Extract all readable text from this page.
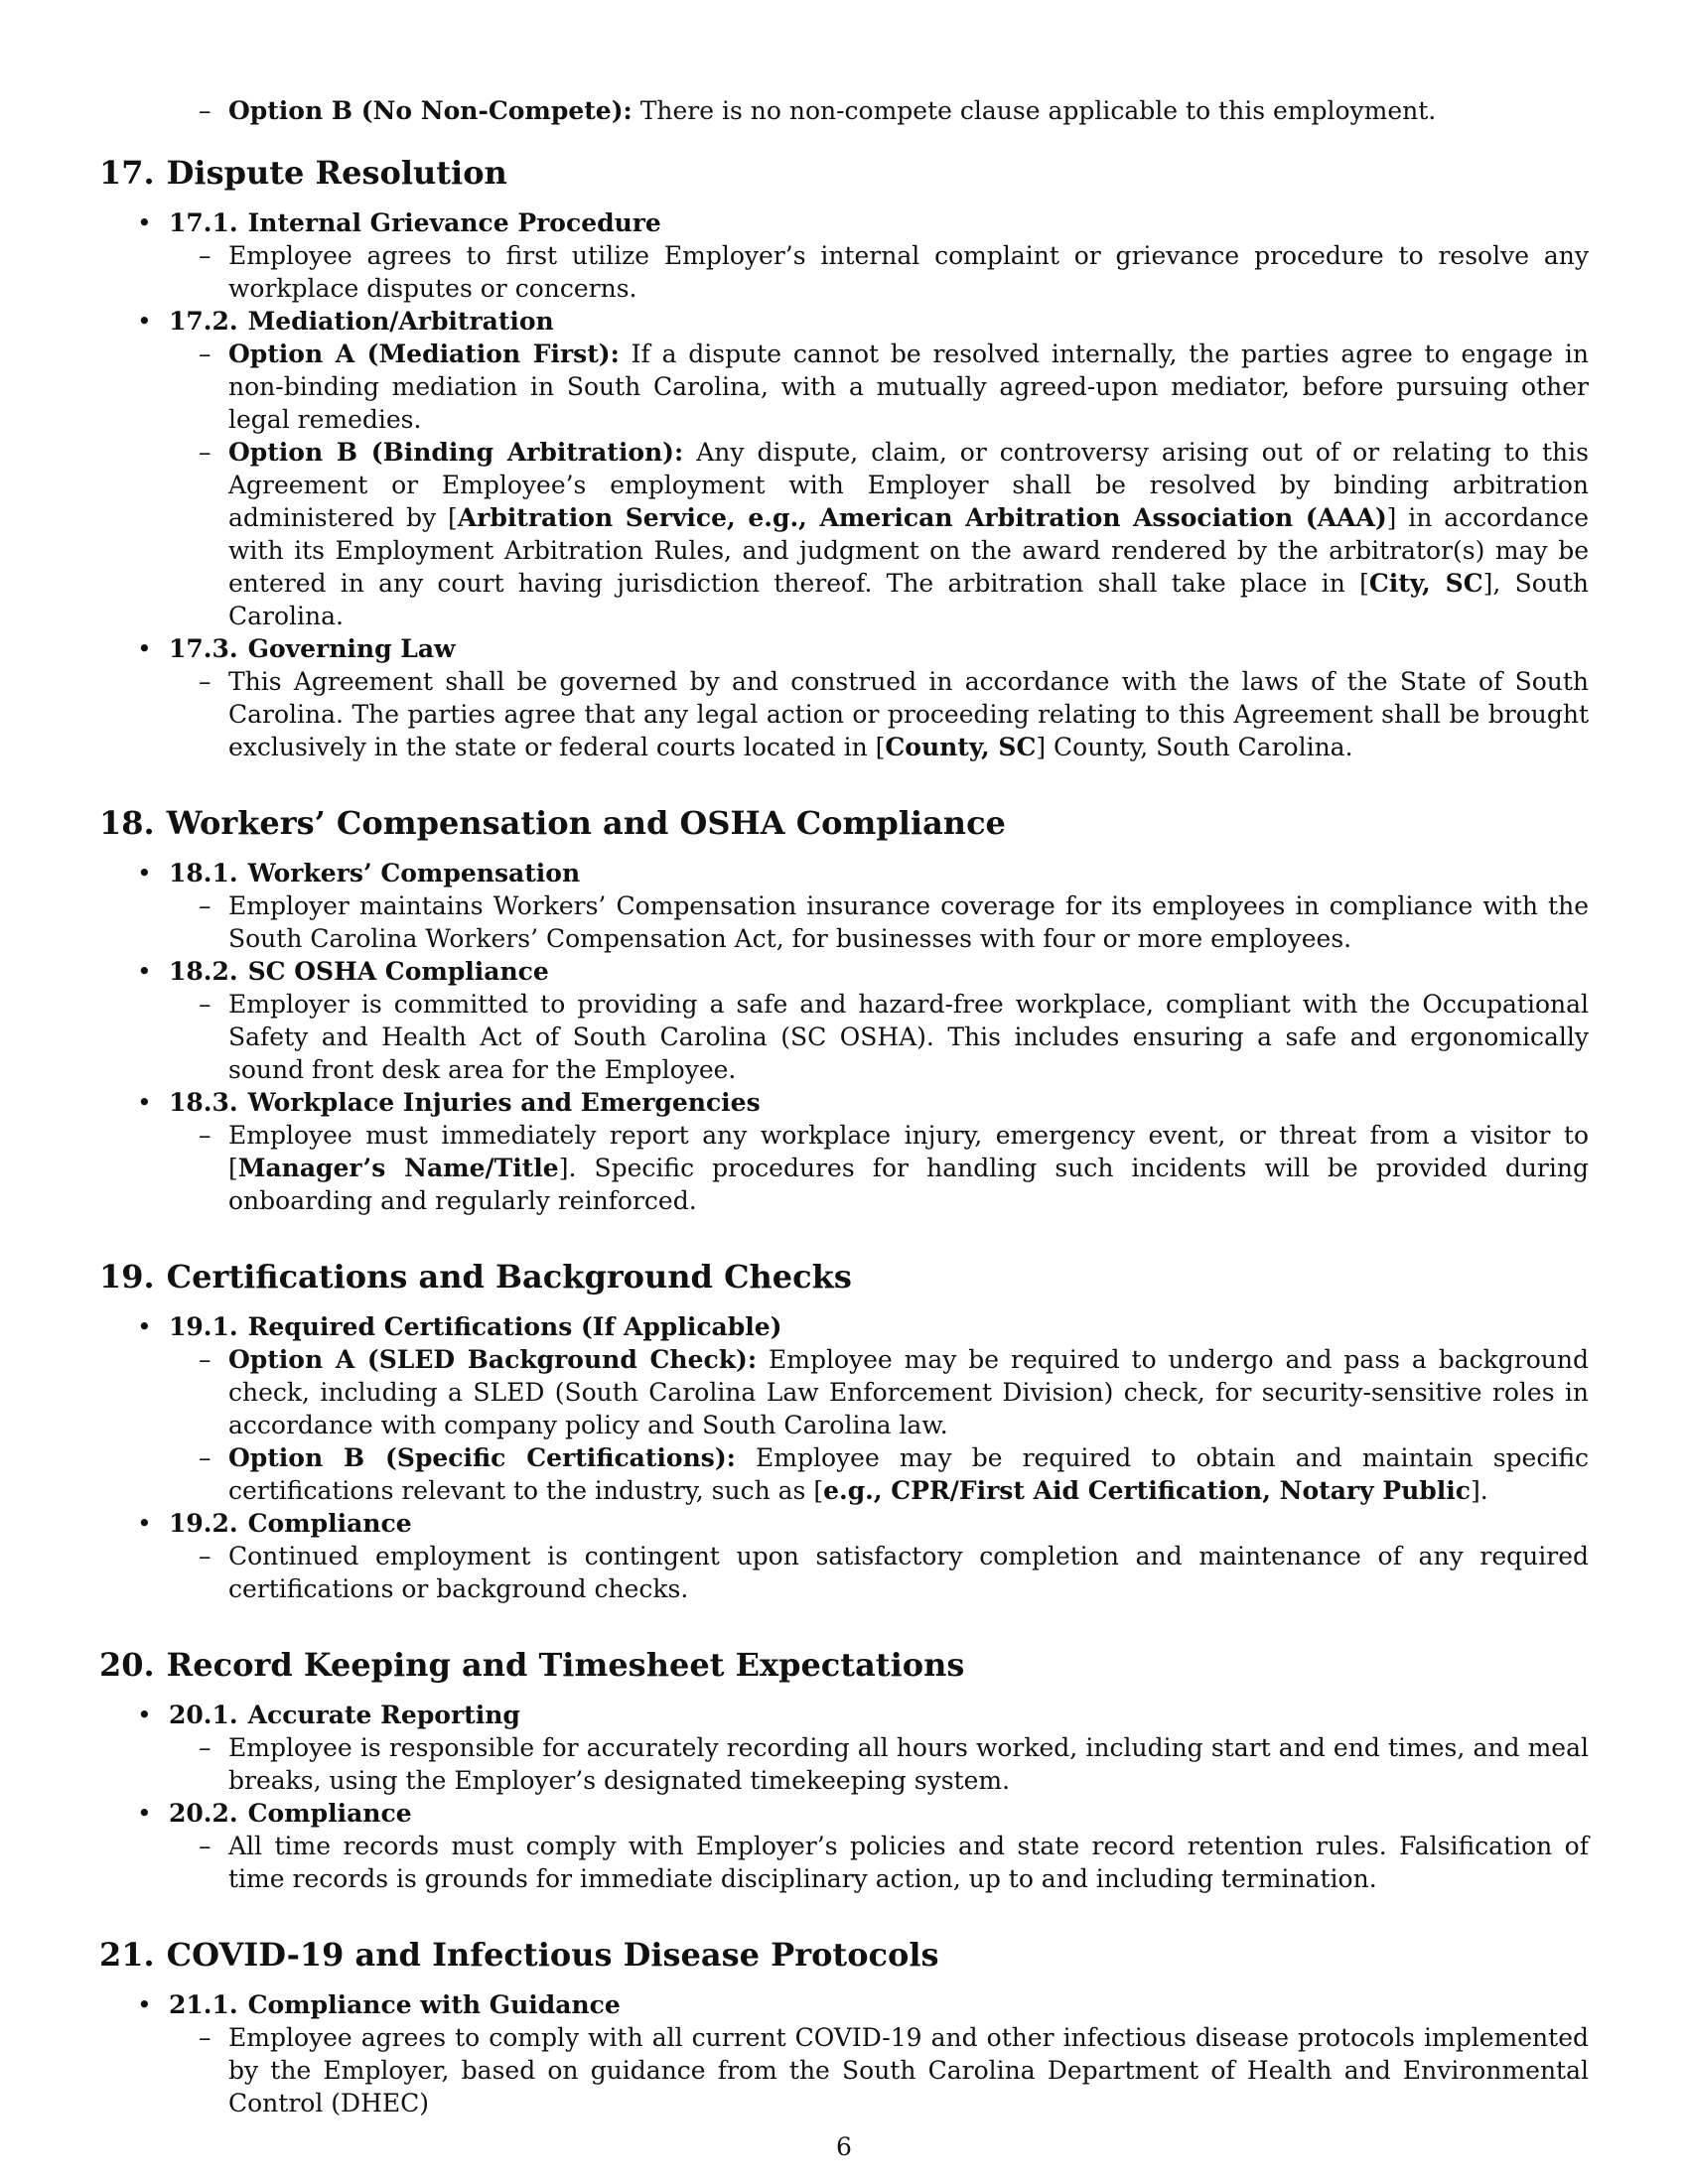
– Option B (No Non-Compete): There is no non-compete clause applicable to this employment.
17. Dispute Resolution
• 17.1. Internal Grievance Procedure
– Employee agrees to first utilize Employer’s internal complaint or grievance procedure to resolve any workplace disputes or concerns.
• 17.2. Mediation/Arbitration
– Option A (Mediation First): If a dispute cannot be resolved internally, the parties agree to engage in non-binding mediation in South Carolina, with a mutually agreed-upon mediator, before pursuing other legal remedies.
– Option B (Binding Arbitration): Any dispute, claim, or controversy arising out of or relating to this Agreement or Employee’s employment with Employer shall be resolved by binding arbitration administered by [Arbitration Service, e.g., American Arbitration Association (AAA)] in accordance with its Employment Arbitration Rules, and judgment on the award rendered by the arbitrator(s) may be entered in any court having jurisdiction thereof. The arbitration shall take place in [City, SC], South Carolina.
• 17.3. Governing Law
– This Agreement shall be governed by and construed in accordance with the laws of the State of South Carolina. The parties agree that any legal action or proceeding relating to this Agreement shall be brought exclusively in the state or federal courts located in [County, SC] County, South Carolina.
18. Workers’ Compensation and OSHA Compliance
• 18.1. Workers’ Compensation
– Employer maintains Workers’ Compensation insurance coverage for its employees in compliance with the South Carolina Workers’ Compensation Act, for businesses with four or more employees.
• 18.2. SC OSHA Compliance
– Employer is committed to providing a safe and hazard-free workplace, compliant with the Occupational Safety and Health Act of South Carolina (SC OSHA). This includes ensuring a safe and ergonomically sound front desk area for the Employee.
• 18.3. Workplace Injuries and Emergencies
– Employee must immediately report any workplace injury, emergency event, or threat from a visitor to [Manager’s Name/Title]. Specific procedures for handling such incidents will be provided during onboarding and regularly reinforced.
19. Certifications and Background Checks
• 19.1. Required Certifications (If Applicable)
– Option A (SLED Background Check): Employee may be required to undergo and pass a background check, including a SLED (South Carolina Law Enforcement Division) check, for security-sensitive roles in accordance with company policy and South Carolina law.
– Option B (Specific Certifications): Employee may be required to obtain and maintain specific certifications relevant to the industry, such as [e.g., CPR/First Aid Certification, Notary Public].
• 19.2. Compliance
– Continued employment is contingent upon satisfactory completion and maintenance of any required certifications or background checks.
20. Record Keeping and Timesheet Expectations
• 20.1. Accurate Reporting
– Employee is responsible for accurately recording all hours worked, including start and end times, and meal breaks, using the Employer’s designated timekeeping system.
• 20.2. Compliance
– All time records must comply with Employer’s policies and state record retention rules. Falsification of time records is grounds for immediate disciplinary action, up to and including termination.
21. COVID-19 and Infectious Disease Protocols
• 21.1. Compliance with Guidance
– Employee agrees to comply with all current COVID-19 and other infectious disease protocols implemented by the Employer, based on guidance from the South Carolina Department of Health and Environmental Control (DHEC)
6
